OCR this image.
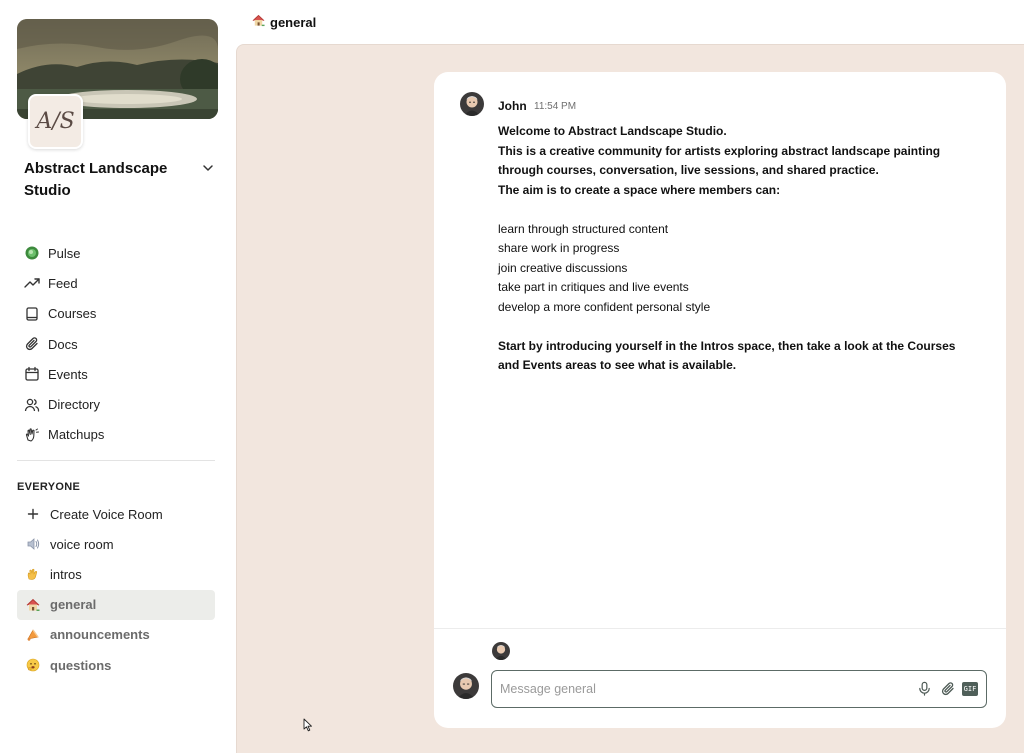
A/S
Abstract Landscape Studio
Pulse
Feed
Courses
Docs
Events
Directory
Matchups
EVERYONE
Create Voice Room
voice room
intros
general
announcements
questions
general
John 11:54 PM
Welcome to Abstract Landscape Studio.
This is a creative community for artists exploring abstract landscape painting through courses, conversation, live sessions, and shared practice.
The aim is to create a space where members can:
learn through structured content
share work in progress
join creative discussions
take part in critiques and live events
develop a more confident personal style
Start by introducing yourself in the Intros space, then take a look at the Courses and Events areas to see what is available.
Message general
GIF
